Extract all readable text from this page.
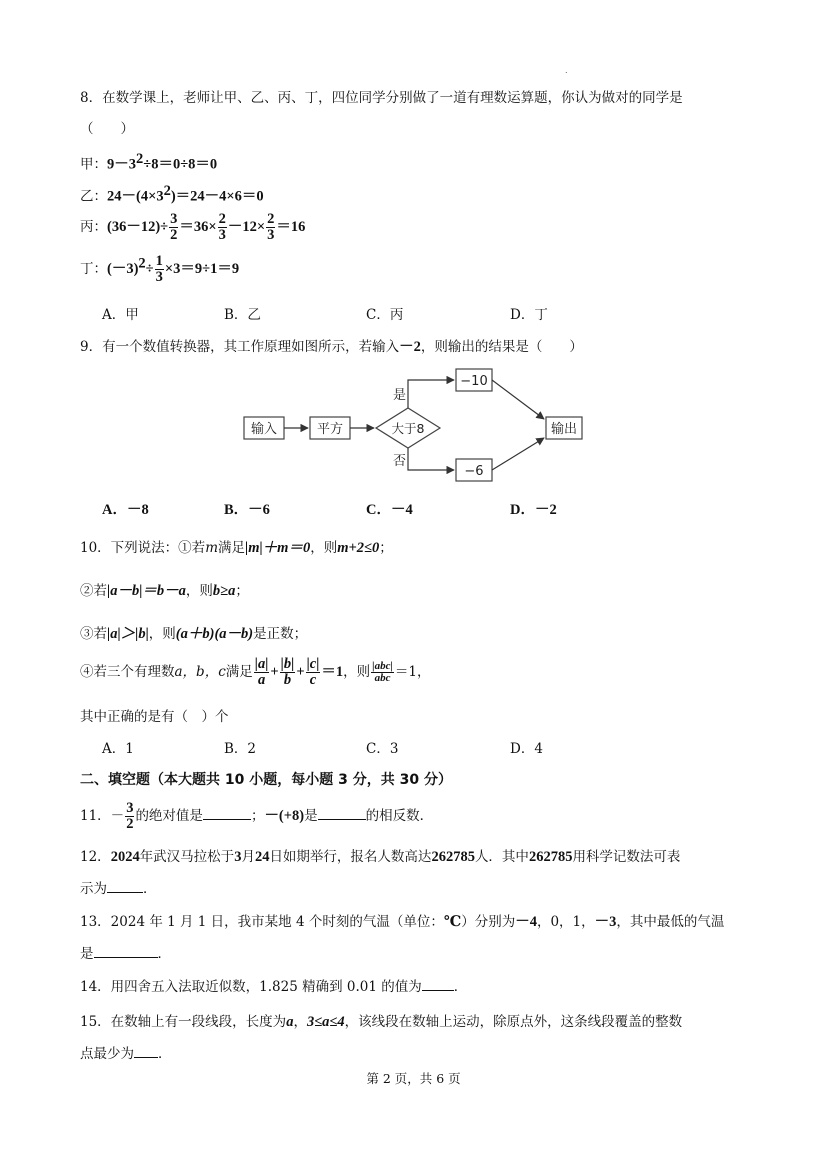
.
8．在数学课上，老师让甲、乙、丙、丁，四位同学分别做了一道有理数运算题，你认为做对的同学是
（　　）
甲：$9-3^2\div 8=0\div 8=0$
乙：$24-(4\times 3^2)=24-4\times 6=0$
丙：$(36-12)\div \frac{3}{2} =36\times \frac{2}{3} -12\times \frac{2}{3} =16$
丁：$(-3)^2\div \frac{1}{3} \times 3=9\div 1=9$
A．甲	B．乙	C．丙	D．丁
9．有一个数值转换器，其工作原理如图所示，若输入－2，则输出的结果是（　　）
输入	平方	大于8
是
−10
否
−6
输出
A．－8	B．－6	C．－4	D．－2
10．下列说法：①若m满足|m|＋m＝0，则m+2≤0；
②若|a－b|＝b－a，则b≥a；
③若|a|＞|b|，则(a＋b)(a－b)是正数；
④若三个有理数a，b，c满足 $\frac{|a|}{a} + \frac{|b|}{b} + \frac{|c|}{c} =1$，则 $\frac{\text{|abc|}}{\text{abc}} =1$，
其中正确的是有（　）个
A．1	B．2	C．3	D．4
二、填空题（本大题共 10 小题，每小题 3 分，共 30 分）
11．－ $\frac{3}{2}$ 的绝对值是	；－(+8)是	的相反数．
12．2024年武汉马拉松于3月24日如期举行，报名人数高达262785人．其中262785用科学记数法可表
示为	．
13．2024 年 1 月 1 日，我市某地 4 个时刻的气温（单位：℃）分别为－4，0，1，－3，其中最低的气温
是	．
14．用四舍五入法取近似数，1.825 精确到 0.01 的值为 ．
15．在数轴上有一段线段，长度为a，3≤a≤4，该线段在数轴上运动，除原点外，这条线段覆盖的整数
点最少为 ．
第 2 页，共 6 页
